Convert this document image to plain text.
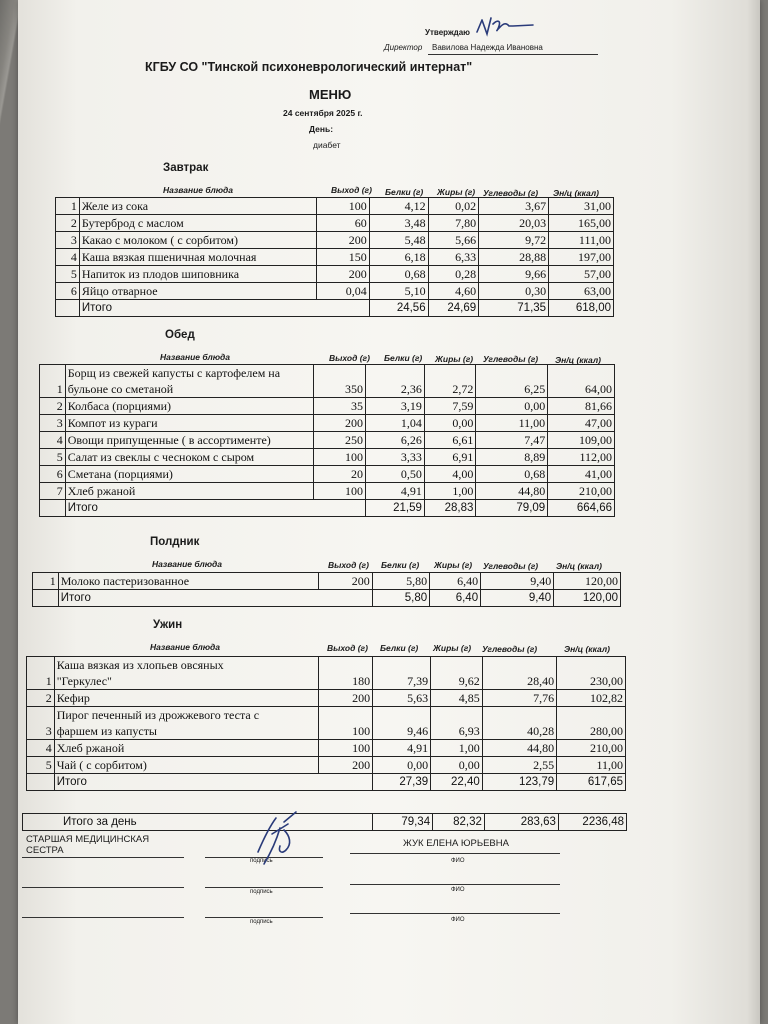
Утверждаю
Директор Вавилова Надежда Ивановна
КГБУ СО "Тинской психоневрологический интернат"
МЕНЮ
24 сентября 2025 г.
День:
диабет
Завтрак
Название блюда	Выход (г) Белки (г) Жиры (г) Углеводы (г) Эн/ц (ккал)
1	Желе из сока	100	4,12	0,02	3,67	31,00
2	Бутерброд с маслом	60	3,48	7,80	20,03	165,00
3	Какао с молоком ( с сорбитом)	200	5,48	5,66	9,72	111,00
4	Каша вязкая пшеничная молочная	150	6,18	6,33	28,88	197,00
5	Напиток из плодов шиповника	200	0,68	0,28	9,66	57,00
6	Яйцо отварное	0,04	5,10	4,60	0,30	63,00
	Итого		24,56	24,69	71,35	618,00
Обед
Название блюда	Выход (г) Белки (г) Жиры (г) Углеводы (г) Эн/ц (ккал)
1	Борщ из свежей капусты с картофелем на
бульоне со сметаной	350	2,36	2,72	6,25	64,00
2	Колбаса (порциями)	35	3,19	7,59	0,00	81,66
3	Компот из кураги	200	1,04	0,00	11,00	47,00
4	Овощи припущенные ( в ассортименте)	250	6,26	6,61	7,47	109,00
5	Салат из свеклы с чесноком с сыром	100	3,33	6,91	8,89	112,00
6	Сметана (порциями)	20	0,50	4,00	0,68	41,00
7	Хлеб ржаной	100	4,91	1,00	44,80	210,00
	Итого		21,59	28,83	79,09	664,66
Полдник
Название блюда	Выход (г) Белки (г) Жиры (г) Углеводы (г) Эн/ц (ккал)
1	Молоко пастеризованное	200	5,80	6,40	9,40	120,00
	Итого		5,80	6,40	9,40	120,00
Ужин
Название блюда	Выход (г) Белки (г) Жиры (г) Углеводы (г)	Эн/ц (ккал)
1	Каша вязкая из хлопьев овсяных
"Геркулес"	180	7,39	9,62	28,40	230,00
2	Кефир	200	5,63	4,85	7,76	102,82
3	Пирог печенный из дрожжевого теста с
фаршем из капусты	100	9,46	6,93	40,28	280,00
4	Хлеб ржаной	100	4,91	1,00	44,80	210,00
5	Чай ( с сорбитом)	200	0,00	0,00	2,55	11,00
	Итого		27,39	22,40	123,79	617,65
Итого за день		79,34	82,32	283,63	2236,48
СТАРШАЯ МЕДИЦИНСКАЯ
СЕСТРА
ЖУК ЕЛЕНА ЮРЬЕВНА
подпись	ФИО
подпись	ФИО
подпись	ФИО
